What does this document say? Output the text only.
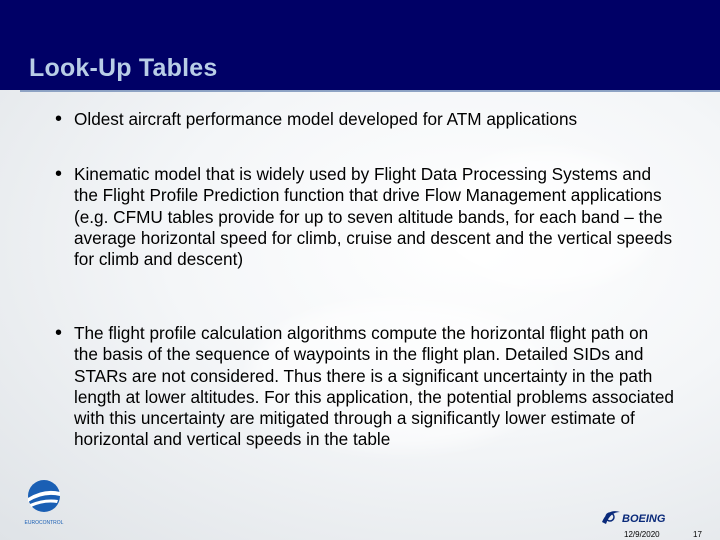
Look-Up Tables
• Oldest aircraft performance model developed for ATM applications
• Kinematic model that is widely used by Flight Data Processing Systems and the Flight Profile Prediction function that drive Flow Management applications (e.g. CFMU tables provide for up to seven altitude bands, for each band – the average horizontal speed for climb, cruise and descent and the vertical speeds for climb and descent)
• The flight profile calculation algorithms compute the horizontal flight path on the basis of the sequence of waypoints in the flight plan. Detailed SIDs and STARs are not considered. Thus there is a significant uncertainty in the path length at lower altitudes. For this application, the potential problems associated with this uncertainty are mitigated through a significantly lower estimate of horizontal and vertical speeds in the table
EUROCONTROL	BOEING
12/9/2020	17
